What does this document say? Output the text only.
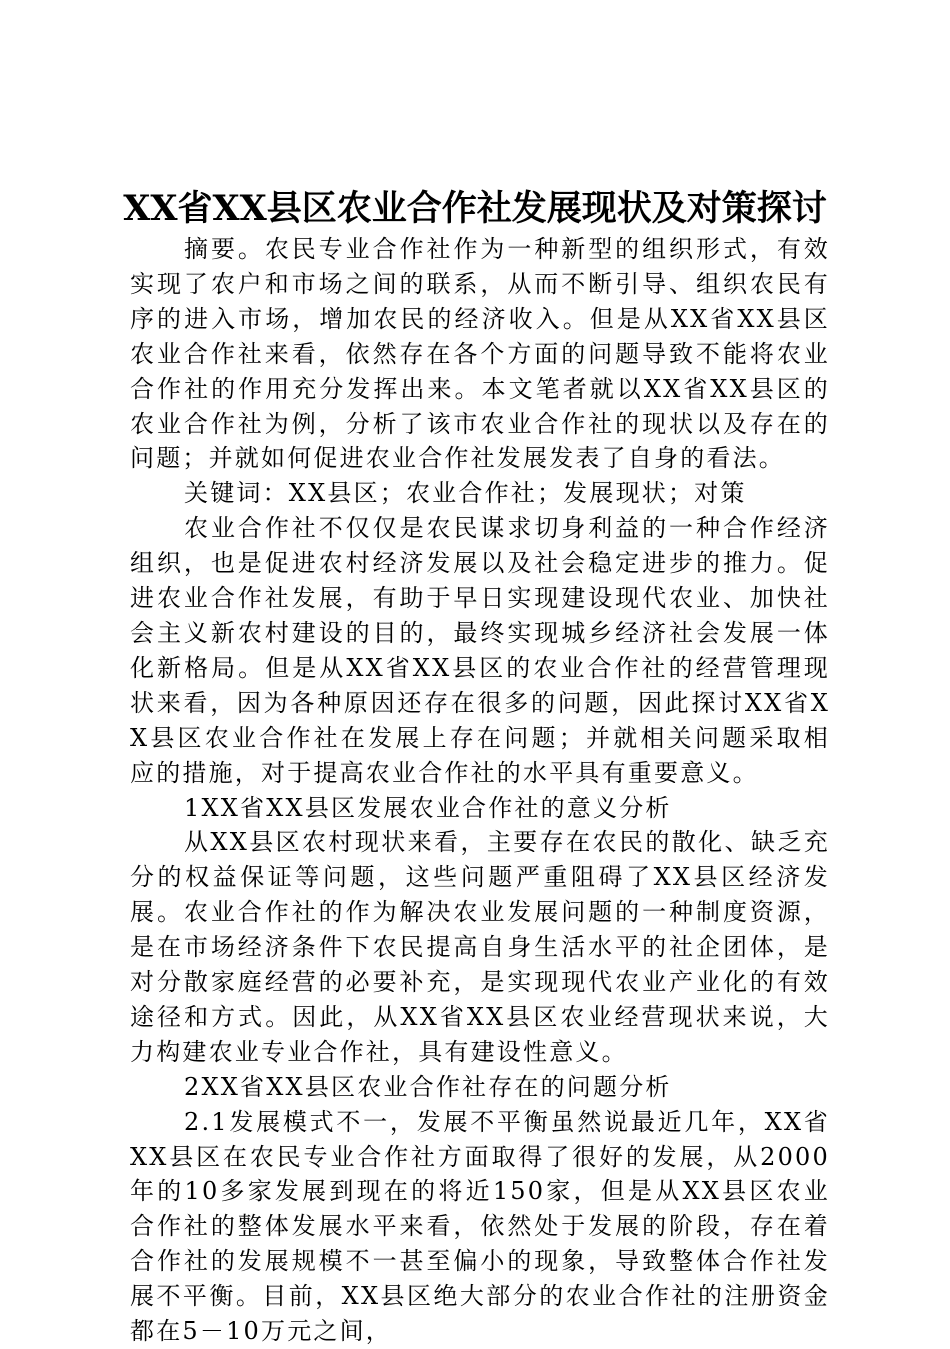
XX省XX县区农业合作社发展现状及对策探讨

摘要。农民专业合作社作为一种新型的组织形式，有效实现了农户和市场之间的联系，从而不断引导、组织农民有序的进入市场，增加农民的经济收入。但是从XX省XX县区农业合作社来看，依然存在各个方面的问题导致不能将农业合作社的作用充分发挥出来。本文笔者就以XX省XX县区的农业合作社为例，分析了该市农业合作社的现状以及存在的问题；并就如何促进农业合作社发展发表了自身的看法。

关键词：XX县区；农业合作社；发展现状；对策

农业合作社不仅仅是农民谋求切身利益的一种合作经济组织，也是促进农村经济发展以及社会稳定进步的推力。促进农业合作社发展，有助于早日实现建设现代农业、加快社会主义新农村建设的目的，最终实现城乡经济社会发展一体化新格局。但是从XX省XX县区的农业合作社的经营管理现状来看，因为各种原因还存在很多的问题，因此探讨XX省XX县区农业合作社在发展上存在问题；并就相关问题采取相应的措施，对于提高农业合作社的水平具有重要意义。

1XX省XX县区发展农业合作社的意义分析

从XX县区农村现状来看，主要存在农民的散化、缺乏充分的权益保证等问题，这些问题严重阻碍了XX县区经济发展。农业合作社的作为解决农业发展问题的一种制度资源，是在市场经济条件下农民提高自身生活水平的社企团体，是对分散家庭经营的必要补充，是实现现代农业产业化的有效途径和方式。因此，从XX省XX县区农业经营现状来说，大力构建农业专业合作社，具有建设性意义。

2XX省XX县区农业合作社存在的问题分析

2.1发展模式不一，发展不平衡虽然说最近几年，XX省XX县区在农民专业合作社方面取得了很好的发展，从2000年的10多家发展到现在的将近150家，但是从XX县区农业合作社的整体发展水平来看，依然处于发展的阶段，存在着合作社的发展规模不一甚至偏小的现象，导致整体合作社发展不平衡。目前，XX县区绝大部分的农业合作社的注册资金都在5－10万元之间，
